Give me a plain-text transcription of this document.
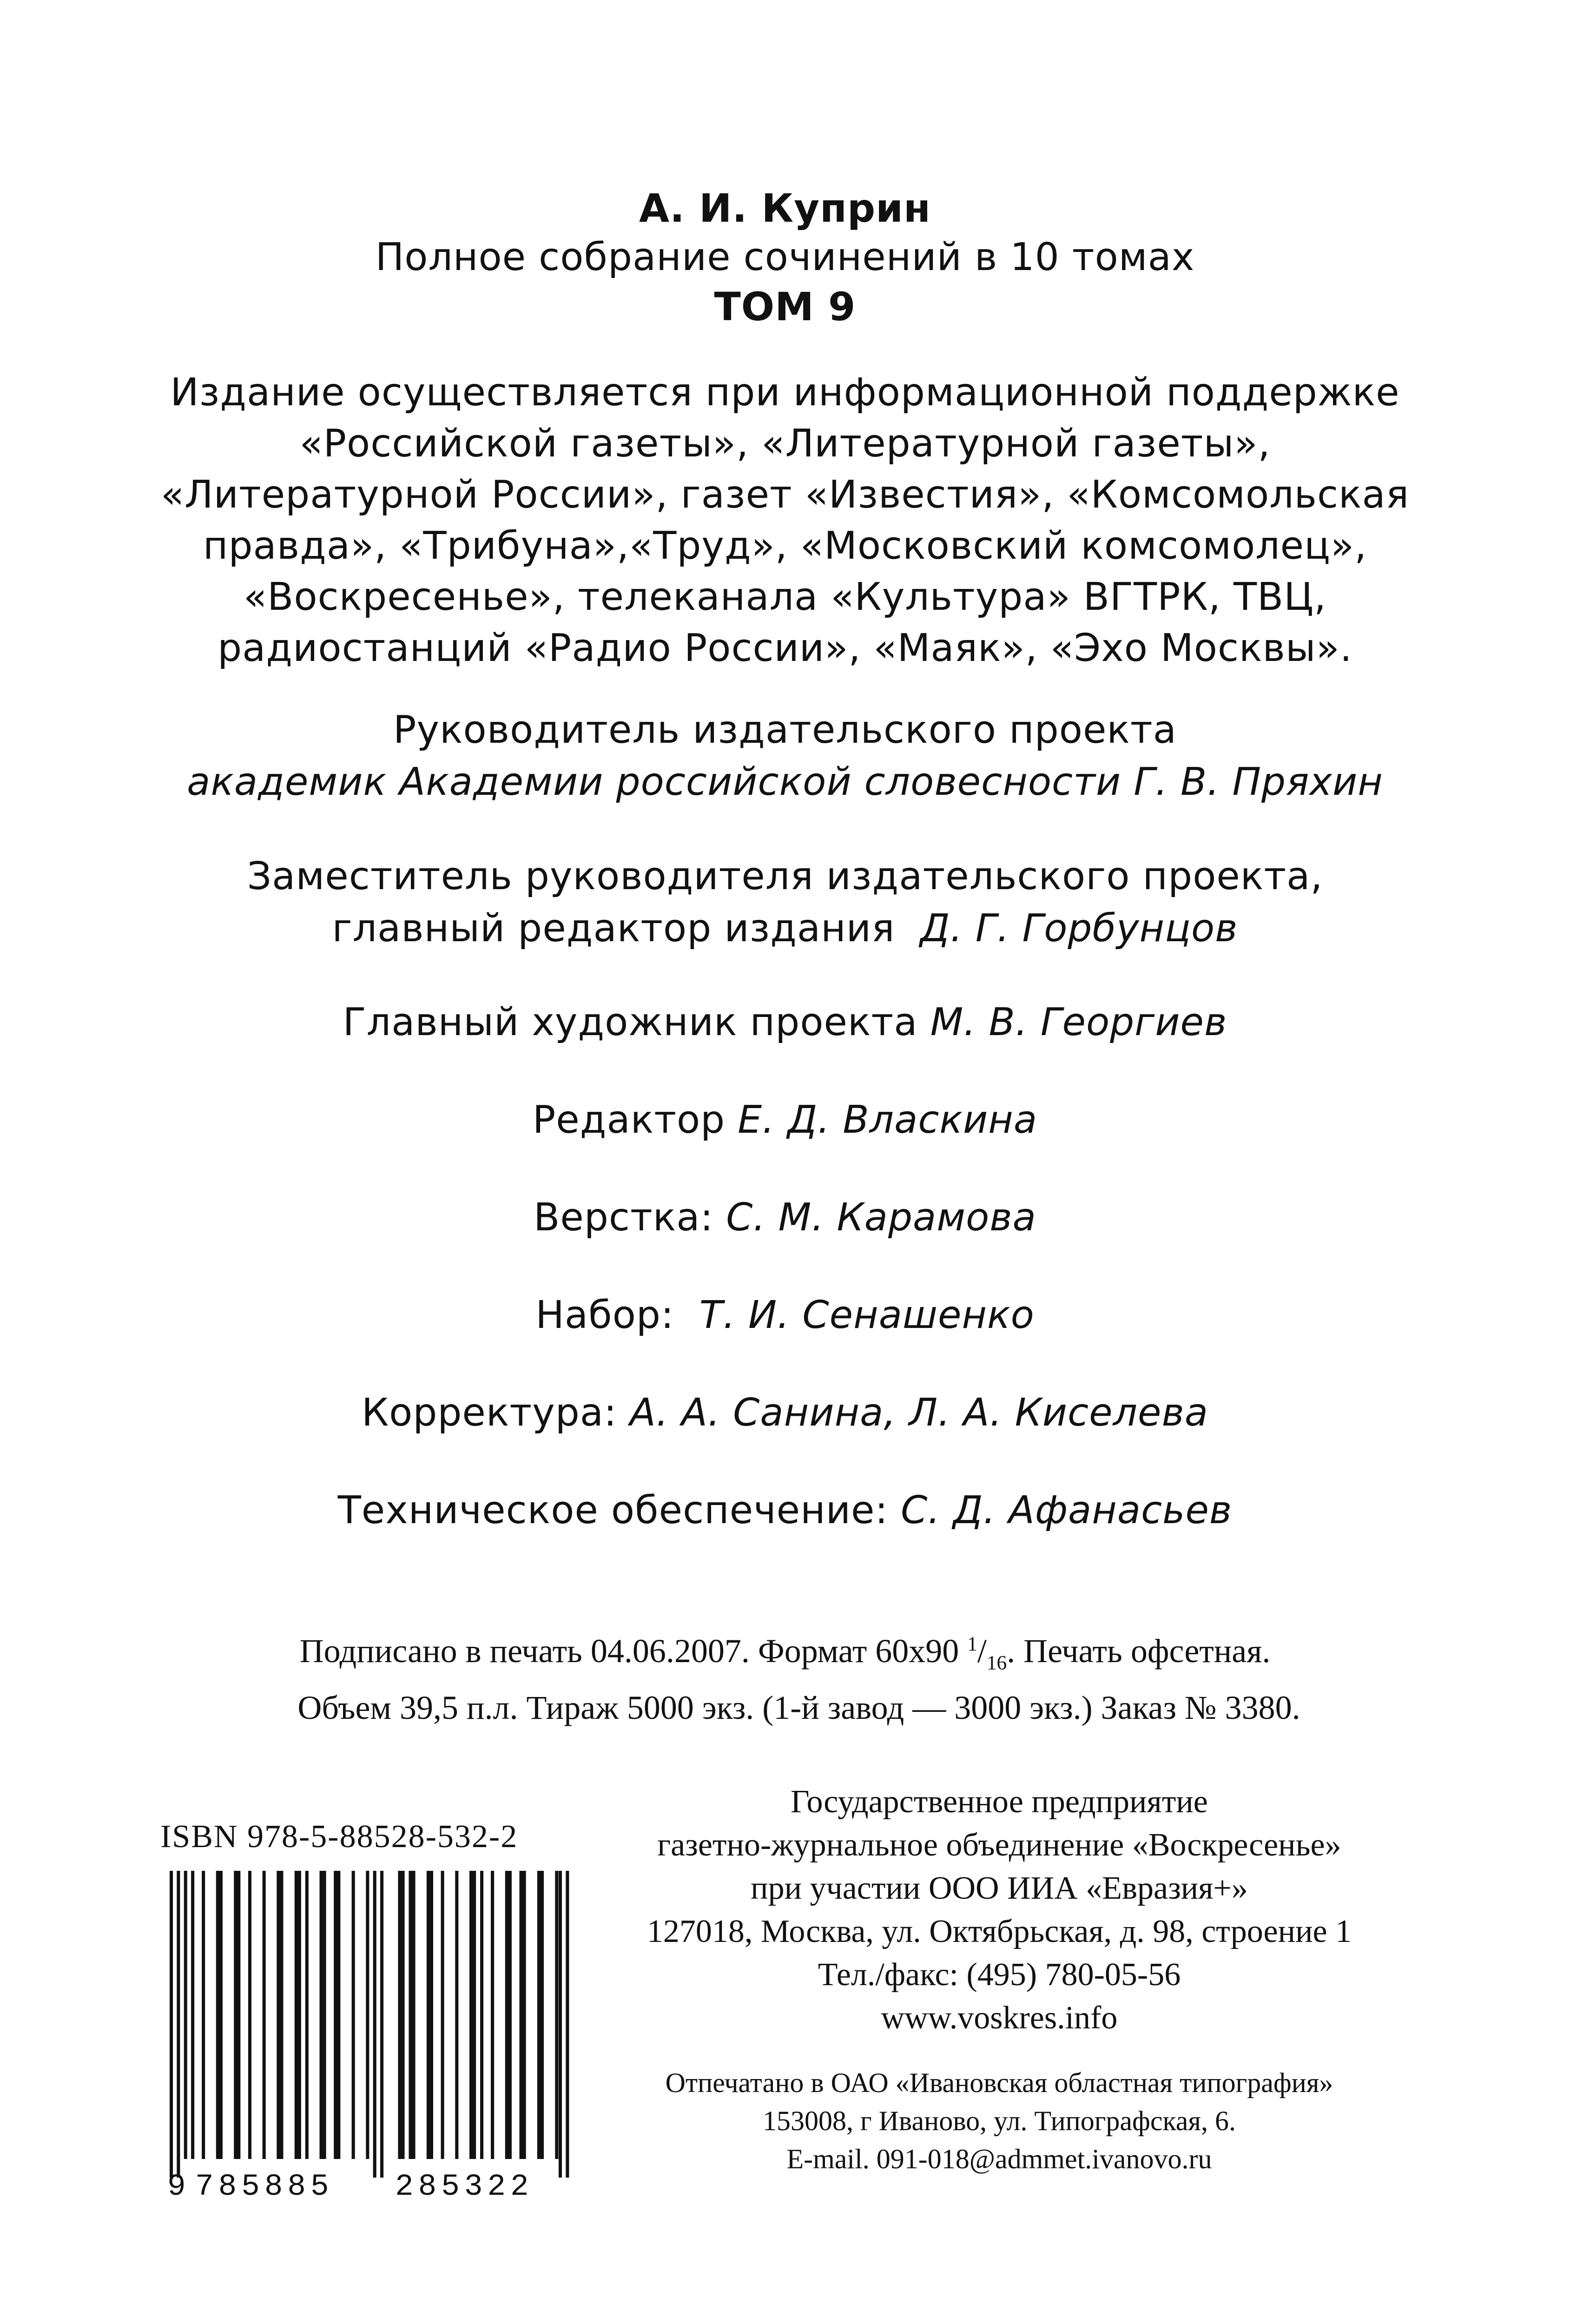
А. И. Куприн
Полное собрание сочинений в 10 томах
ТОМ 9
Издание осуществляется при информационной поддержке
«Российской газеты», «Литературной газеты»,
«Литературной России», газет «Известия», «Комсомольская
правда», «Трибуна»,«Труд», «Московский комсомолец»,
«Воскресенье», телеканала «Культура» ВГТРК, ТВЦ,
радиостанций «Радио России», «Маяк», «Эхо Москвы».
Руководитель издательского проекта
академик Академии российской словесности Г. В. Пряхин
Заместитель руководителя издательского проекта,
главный редактор издания Д. Г. Горбунцов
Главный художник проекта М. В. Георгиев
Редактор Е. Д. Власкина
Верстка: С. М. Карамова
Набор: Т. И. Сенашенко
Корректура: А. А. Санина, Л. А. Киселева
Техническое обеспечение: С. Д. Афанасьев
Подписано в печать 04.06.2007. Формат 60х90 $^1/_{16}$. Печать офсетная.
Объем 39,5 п.л. Тираж 5000 экз. (1-й завод — 3000 экз.) Заказ № 3380.
ISBN 978-5-88528-532-2
9 785885 285322
Государственное предприятие
газетно-журнальное объединение «Воскресенье»
при участии ООО ИИА «Евразия+»
127018, Москва, ул. Октябрьская, д. 98, строение 1
Тел./факс: (495) 780-05-56
www.voskres.info
Отпечатано в ОАО «Ивановская областная типография»
153008, г Иваново, ул. Типографская, 6.
E-mail. 091-018@admmet.ivanovo.ru
